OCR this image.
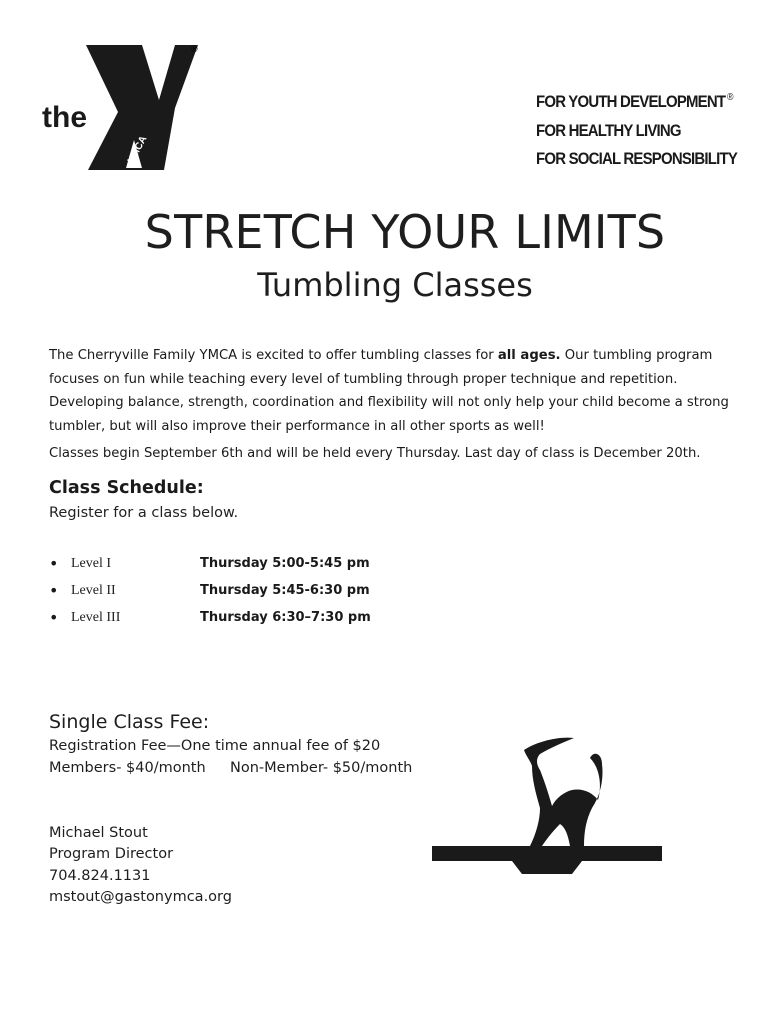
the
YMCA
®
FOR YOUTH DEVELOPMENT ®
FOR HEALTHY LIVING
FOR SOCIAL RESPONSIBILITY
STRETCH YOUR LIMITS
Tumbling Classes
The Cherryville Family YMCA is excited to offer tumbling classes for all ages. Our tumbling program focuses on fun while teaching every level of tumbling through proper technique and repetition. Developing balance, strength, coordination and flexibility will not only help your child become a strong tumbler, but will also improve their performance in all other sports as well!
Classes begin September 6th and will be held every Thursday. Last day of class is December 20th.
Class Schedule:
Register for a class below.
• Level I	Thursday 5:00-5:45 pm
• Level II	Thursday 5:45-6:30 pm
• Level III	Thursday 6:30–7:30 pm
Single Class Fee:
Registration Fee—One time annual fee of $20
Members- $40/month Non-Member- $50/month
Michael Stout
Program Director
704.824.1131
mstout@gastonymca.org
